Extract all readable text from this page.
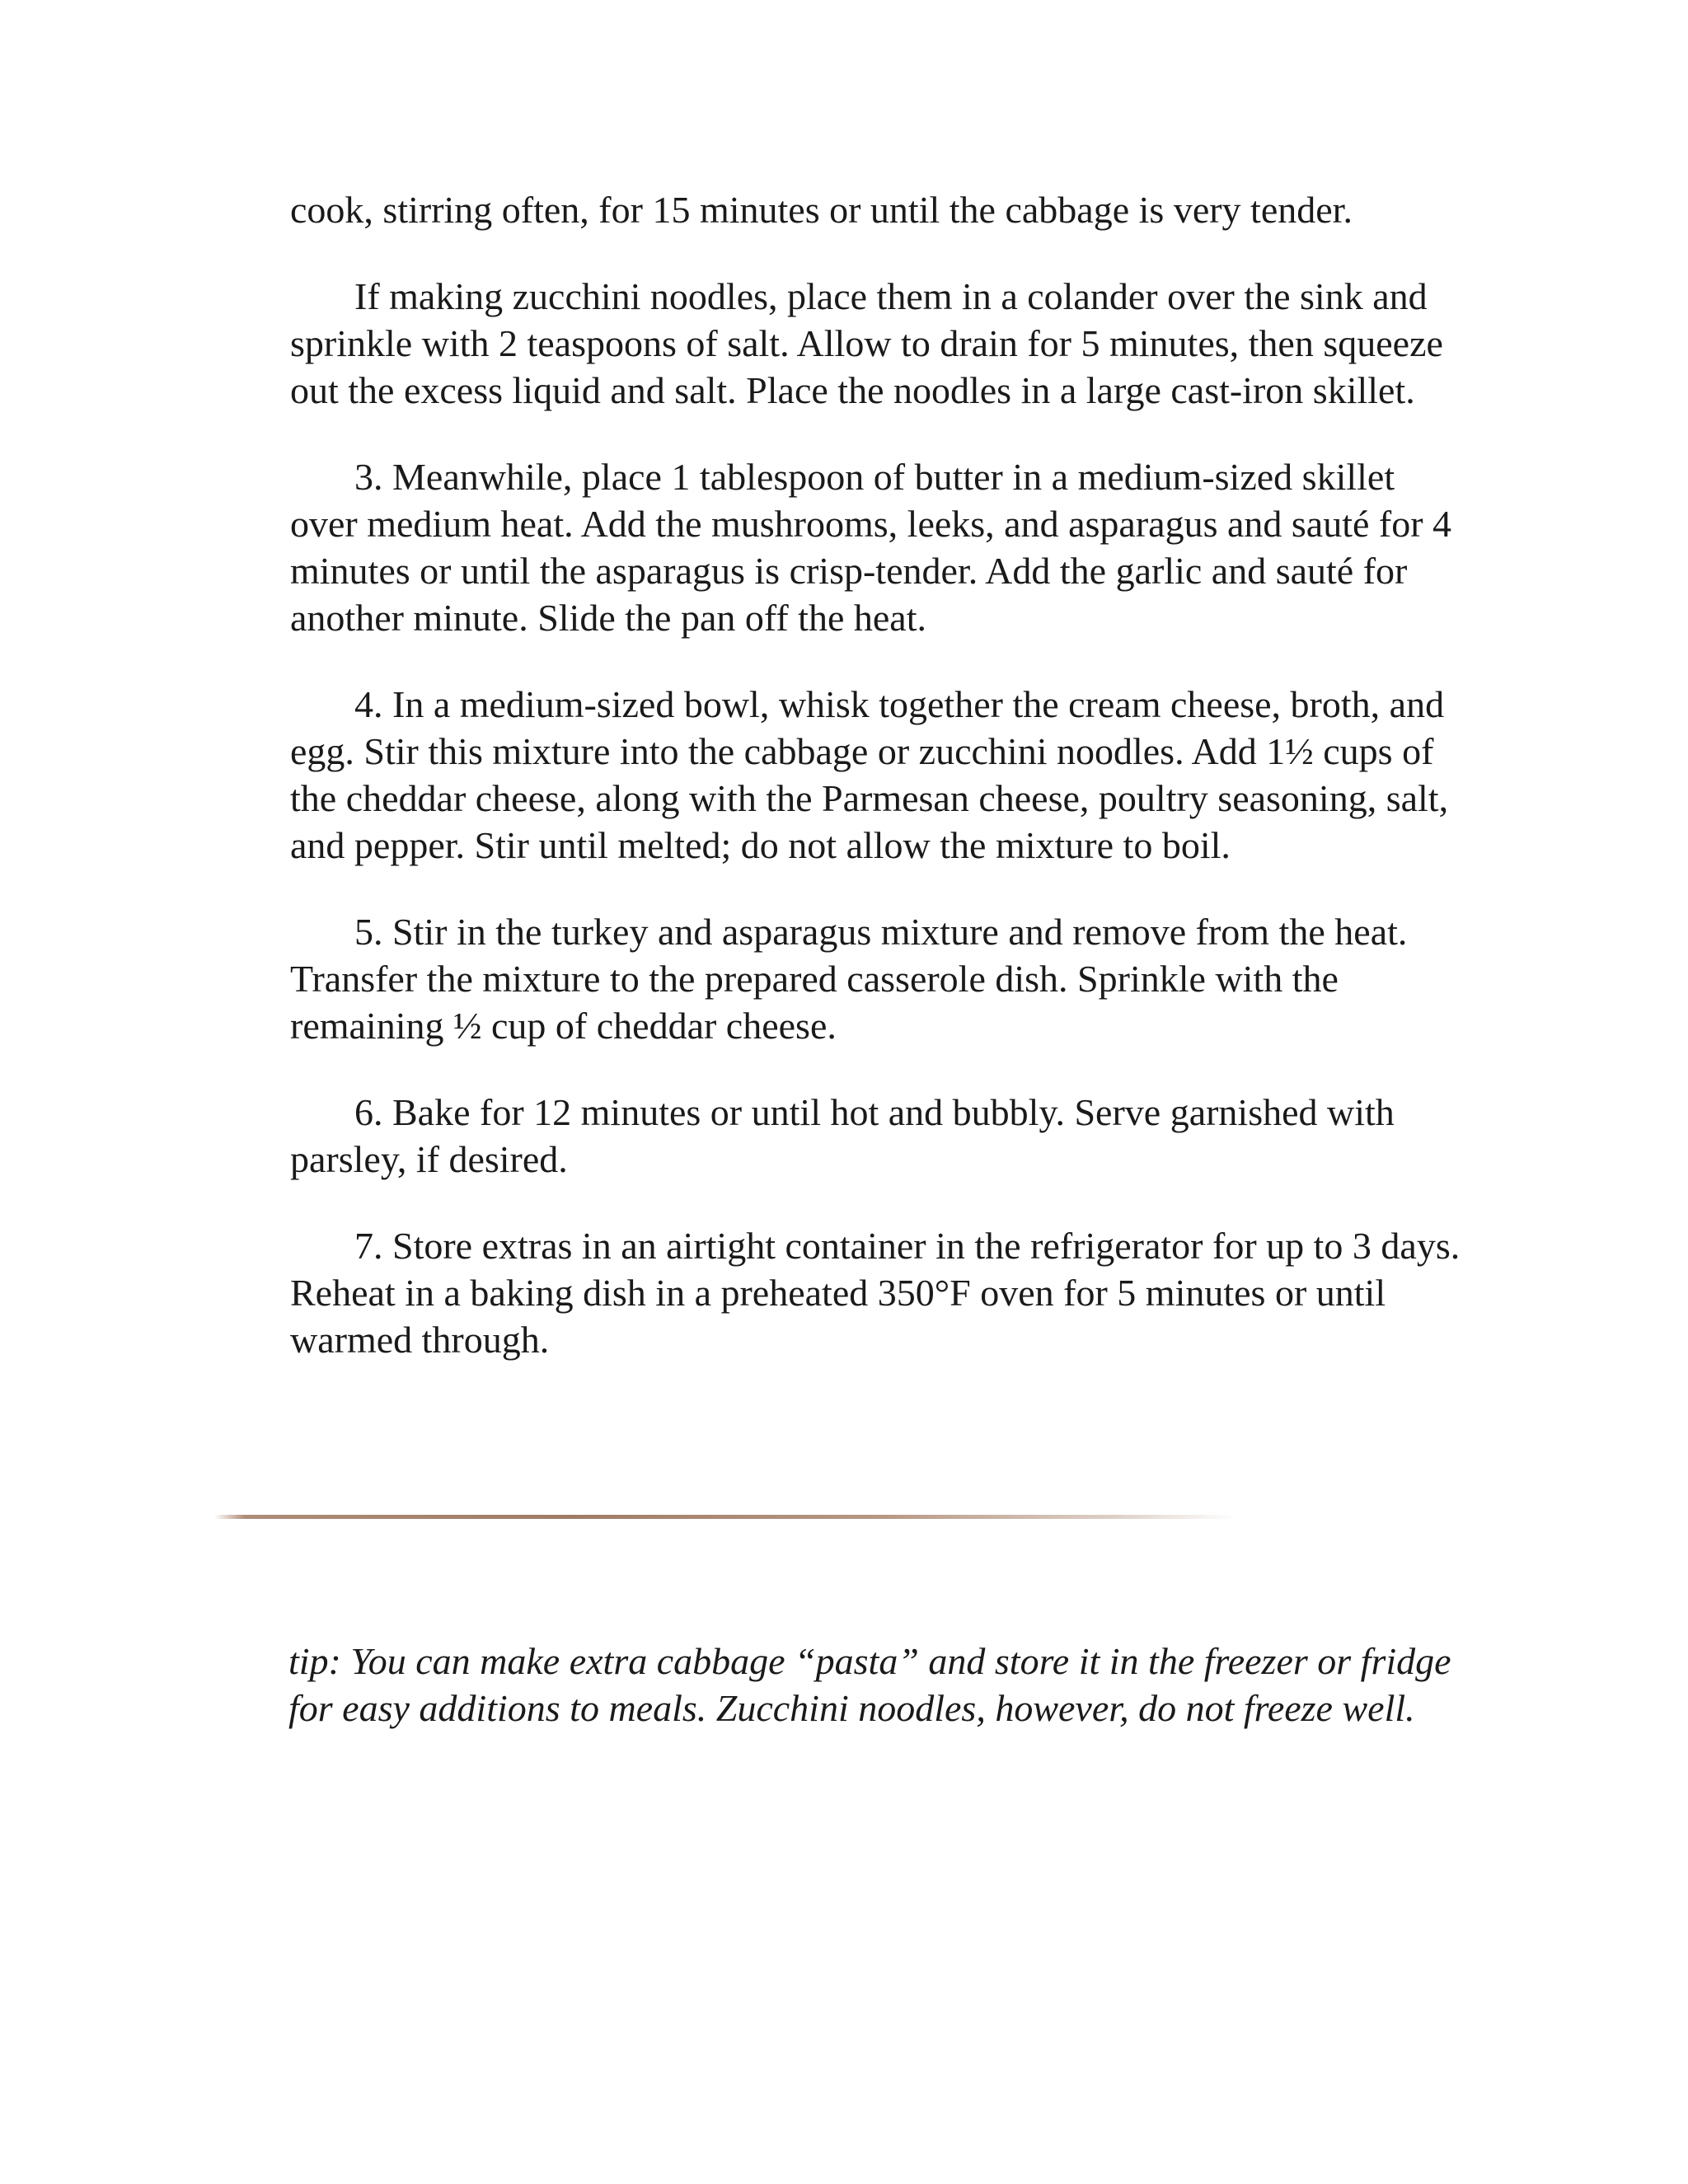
cook, stirring often, for 15 minutes or until the cabbage is very tender.

If making zucchini noodles, place them in a colander over the sink and sprinkle with 2 teaspoons of salt. Allow to drain for 5 minutes, then squeeze out the excess liquid and salt. Place the noodles in a large cast-iron skillet.

3. Meanwhile, place 1 tablespoon of butter in a medium-sized skillet over medium heat. Add the mushrooms, leeks, and asparagus and sauté for 4 minutes or until the asparagus is crisp-tender. Add the garlic and sauté for another minute. Slide the pan off the heat.

4. In a medium-sized bowl, whisk together the cream cheese, broth, and egg. Stir this mixture into the cabbage or zucchini noodles. Add 1½ cups of the cheddar cheese, along with the Parmesan cheese, poultry seasoning, salt, and pepper. Stir until melted; do not allow the mixture to boil.

5. Stir in the turkey and asparagus mixture and remove from the heat. Transfer the mixture to the prepared casserole dish. Sprinkle with the remaining ½ cup of cheddar cheese.

6. Bake for 12 minutes or until hot and bubbly. Serve garnished with parsley, if desired.

7. Store extras in an airtight container in the refrigerator for up to 3 days. Reheat in a baking dish in a preheated 350°F oven for 5 minutes or until warmed through.

tip: You can make extra cabbage “pasta” and store it in the freezer or fridge for easy additions to meals. Zucchini noodles, however, do not freeze well.
